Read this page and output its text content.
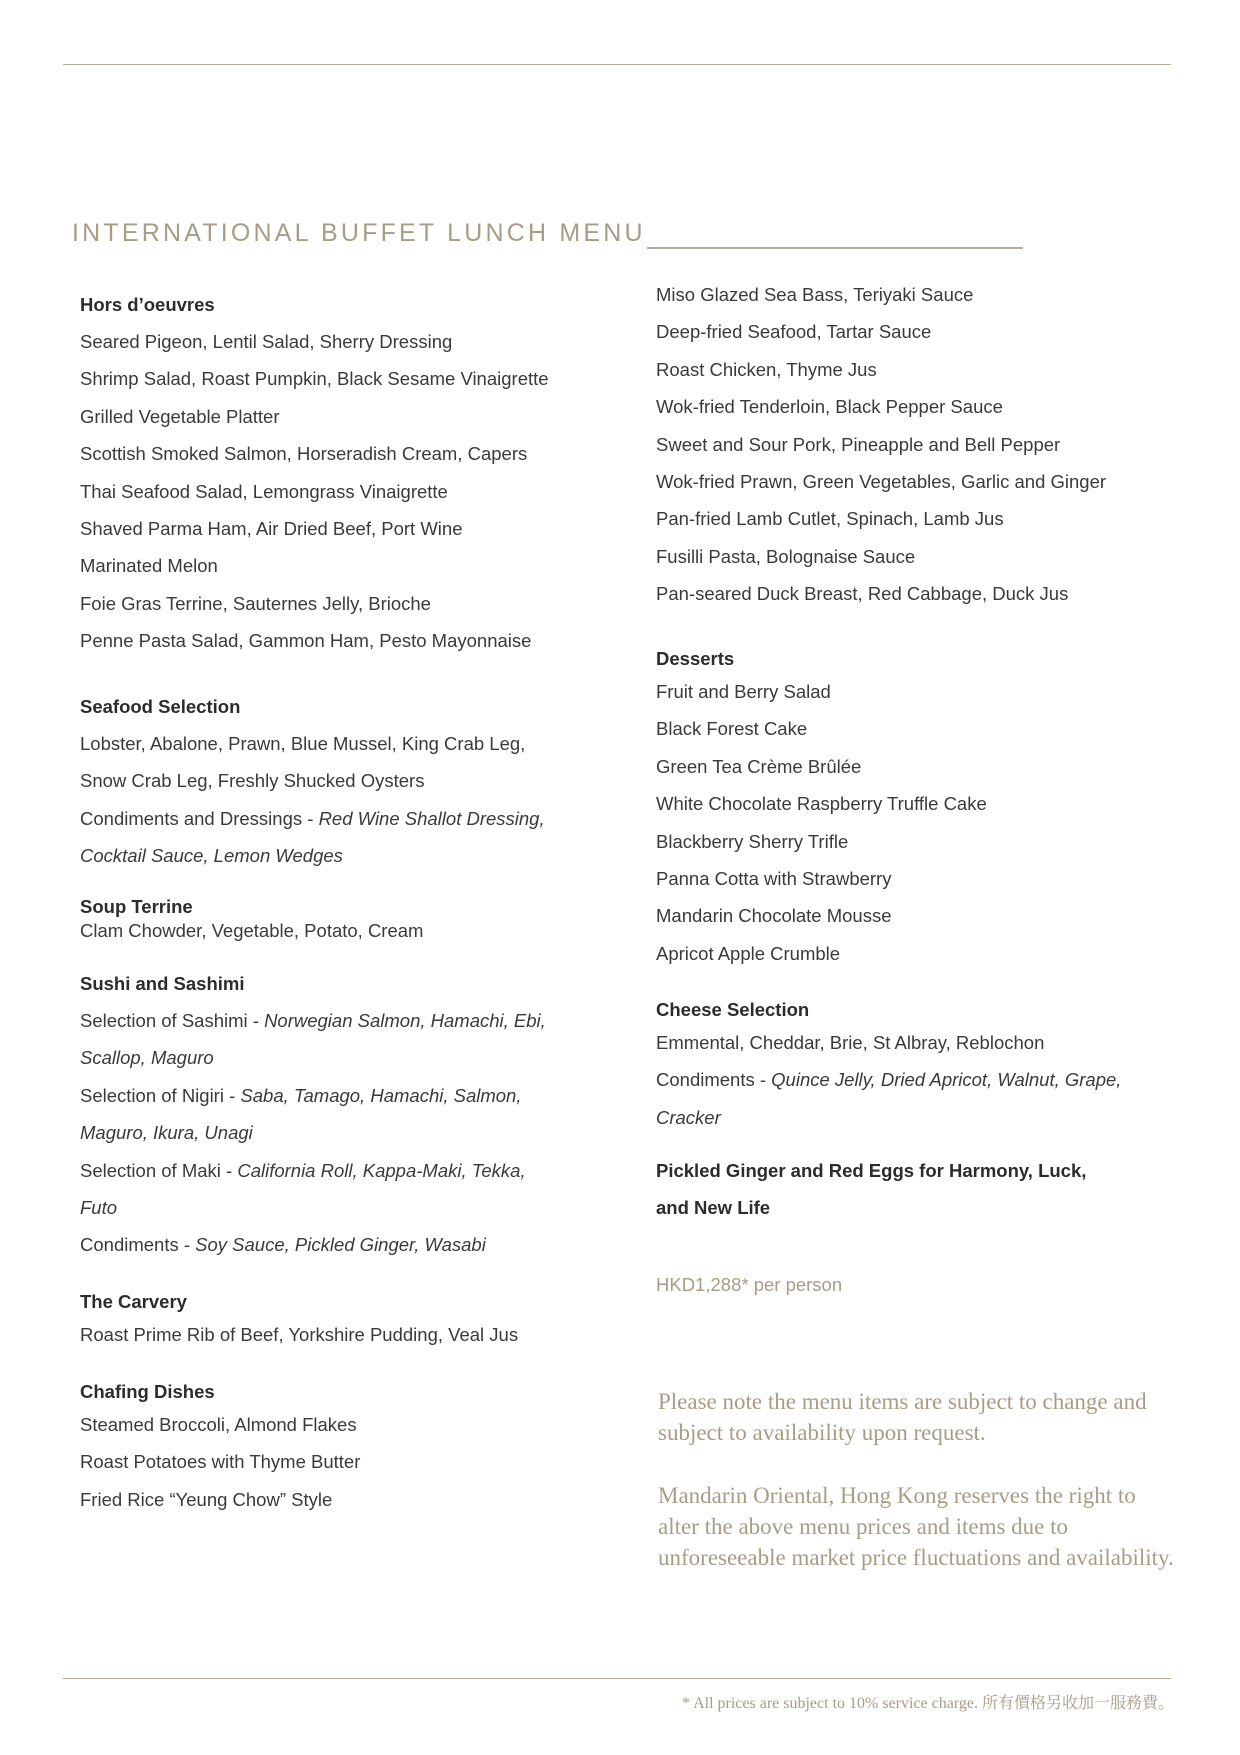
INTERNATIONAL BUFFET LUNCH MENU
Hors d’oeuvres
Seared Pigeon, Lentil Salad, Sherry Dressing
Shrimp Salad, Roast Pumpkin, Black Sesame Vinaigrette
Grilled Vegetable Platter
Scottish Smoked Salmon, Horseradish Cream, Capers
Thai Seafood Salad, Lemongrass Vinaigrette
Shaved Parma Ham, Air Dried Beef, Port Wine
Marinated Melon
Foie Gras Terrine, Sauternes Jelly, Brioche
Penne Pasta Salad, Gammon Ham, Pesto Mayonnaise
Seafood Selection
Lobster, Abalone, Prawn, Blue Mussel, King Crab Leg,
Snow Crab Leg, Freshly Shucked Oysters
Condiments and Dressings - Red Wine Shallot Dressing,
Cocktail Sauce, Lemon Wedges
Soup Terrine
Clam Chowder, Vegetable, Potato, Cream
Sushi and Sashimi
Selection of Sashimi - Norwegian Salmon, Hamachi, Ebi,
Scallop, Maguro
Selection of Nigiri - Saba, Tamago, Hamachi, Salmon,
Maguro, Ikura, Unagi
Selection of Maki - California Roll, Kappa-Maki, Tekka,
Futo
Condiments - Soy Sauce, Pickled Ginger, Wasabi
The Carvery
Roast Prime Rib of Beef, Yorkshire Pudding, Veal Jus
Chafing Dishes
Steamed Broccoli, Almond Flakes
Roast Potatoes with Thyme Butter
Fried Rice “Yeung Chow” Style
Miso Glazed Sea Bass, Teriyaki Sauce
Deep-fried Seafood, Tartar Sauce
Roast Chicken, Thyme Jus
Wok-fried Tenderloin, Black Pepper Sauce
Sweet and Sour Pork, Pineapple and Bell Pepper
Wok-fried Prawn, Green Vegetables, Garlic and Ginger
Pan-fried Lamb Cutlet, Spinach, Lamb Jus
Fusilli Pasta, Bolognaise Sauce
Pan-seared Duck Breast, Red Cabbage, Duck Jus
Desserts
Fruit and Berry Salad
Black Forest Cake
Green Tea Crème Brûlée
White Chocolate Raspberry Truffle Cake
Blackberry Sherry Trifle
Panna Cotta with Strawberry
Mandarin Chocolate Mousse
Apricot Apple Crumble
Cheese Selection
Emmental, Cheddar, Brie, St Albray, Reblochon
Condiments - Quince Jelly, Dried Apricot, Walnut, Grape,
Cracker
Pickled Ginger and Red Eggs for Harmony, Luck,
and New Life
HKD1,288* per person

Please note the menu items are subject to change and subject to availability upon request.

Mandarin Oriental, Hong Kong reserves the right to alter the above menu prices and items due to unforeseeable market price fluctuations and availability.

* All prices are subject to 10% service charge. 所有價格另收加一服務費。
